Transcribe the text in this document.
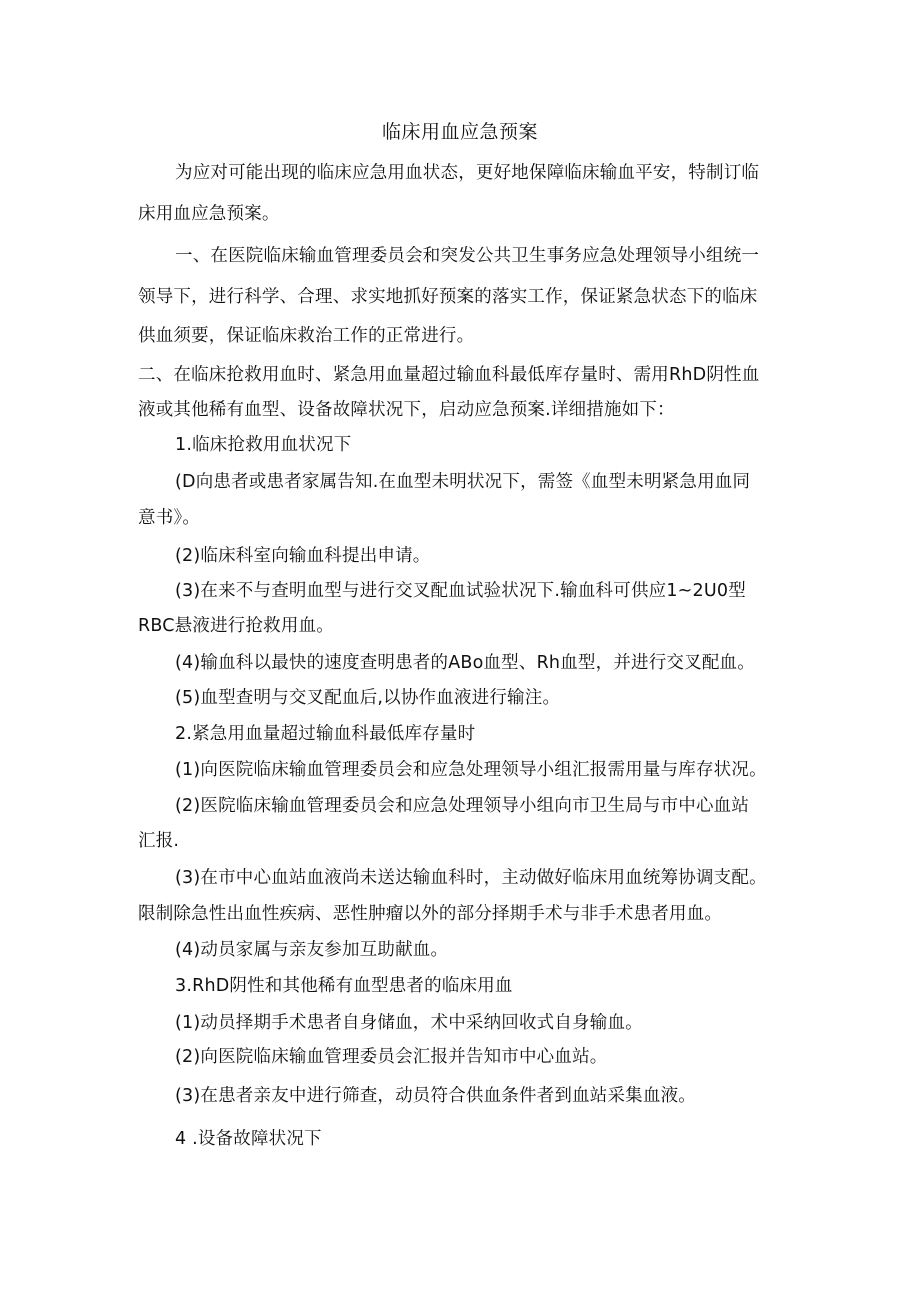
临床用血应急预案
为应对可能出现的临床应急用血状态，更好地保障临床输血平安，特制订临
床用血应急预案。
一、在医院临床输血管理委员会和突发公共卫生事务应急处理领导小组统一
领导下，进行科学、合理、求实地抓好预案的落实工作，保证紧急状态下的临床
供血须要，保证临床救治工作的正常进行。
二、在临床抢救用血时、紧急用血量超过输血科最低库存量时、需用RhD阴性血
液或其他稀有血型、设备故障状况下，启动应急预案.详细措施如下：
1.临床抢救用血状况下
(D向患者或患者家属告知.在血型未明状况下，需签《血型未明紧急用血同
意书》。
(2)临床科室向输血科提出申请。
(3)在来不与查明血型与进行交叉配血试验状况下.输血科可供应1~2U0型
RBC悬液进行抢救用血。
(4)输血科以最快的速度查明患者的ABo血型、Rh血型，并进行交叉配血。
(5)血型查明与交叉配血后,以协作血液进行输注。
2.紧急用血量超过输血科最低库存量时
(1)向医院临床输血管理委员会和应急处理领导小组汇报需用量与库存状况。
(2)医院临床输血管理委员会和应急处理领导小组向市卫生局与市中心血站
汇报.
(3)在市中心血站血液尚未送达输血科时，主动做好临床用血统筹协调支配。
限制除急性出血性疾病、恶性肿瘤以外的部分择期手术与非手术患者用血。
(4)动员家属与亲友参加互助献血。
3.RhD阴性和其他稀有血型患者的临床用血
(1)动员择期手术患者自身储血，术中采纳回收式自身输血。
(2)向医院临床输血管理委员会汇报并告知市中心血站。
(3)在患者亲友中进行筛查，动员符合供血条件者到血站采集血液。
4 .设备故障状况下
